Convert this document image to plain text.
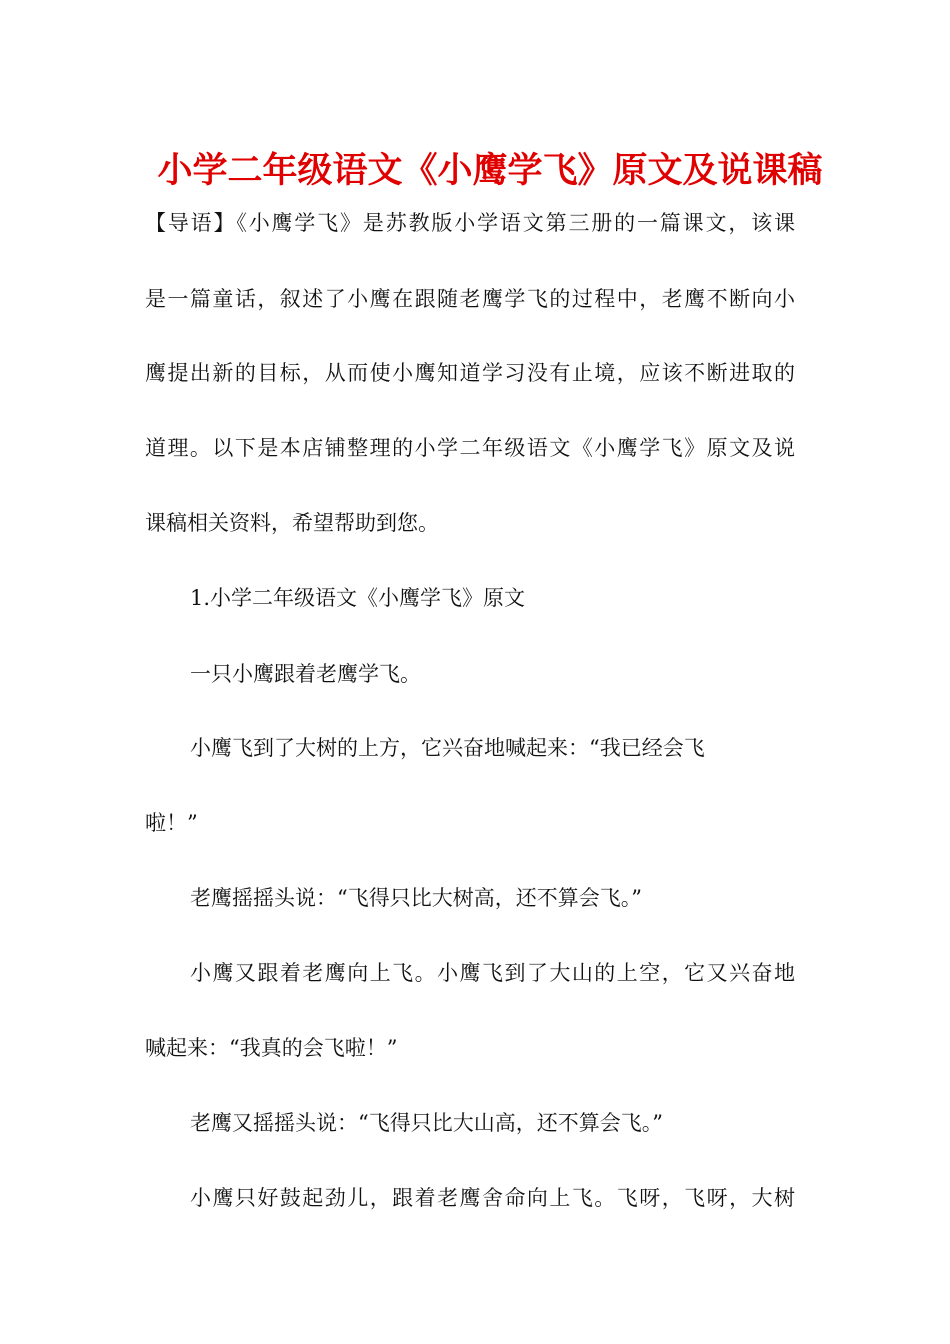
小学二年级语文《小鹰学飞》原文及说课稿
【导语】《小鹰学飞》是苏教版小学语文第三册的一篇课文，该课
是一篇童话，叙述了小鹰在跟随老鹰学飞的过程中，老鹰不断向小
鹰提出新的目标，从而使小鹰知道学习没有止境，应该不断进取的
道理。以下是本店铺整理的小学二年级语文《小鹰学飞》原文及说
课稿相关资料，希望帮助到您。
1.小学二年级语文《小鹰学飞》原文
一只小鹰跟着老鹰学飞。
小鹰飞到了大树的上方，它兴奋地喊起来：“我已经会飞
啦！”
老鹰摇摇头说：“飞得只比大树高，还不算会飞。”
小鹰又跟着老鹰向上飞。小鹰飞到了大山的上空，它又兴奋地
喊起来：“我真的会飞啦！”
老鹰又摇摇头说：“飞得只比大山高，还不算会飞。”
小鹰只好鼓起劲儿，跟着老鹰舍命向上飞。飞呀，飞呀，大树
